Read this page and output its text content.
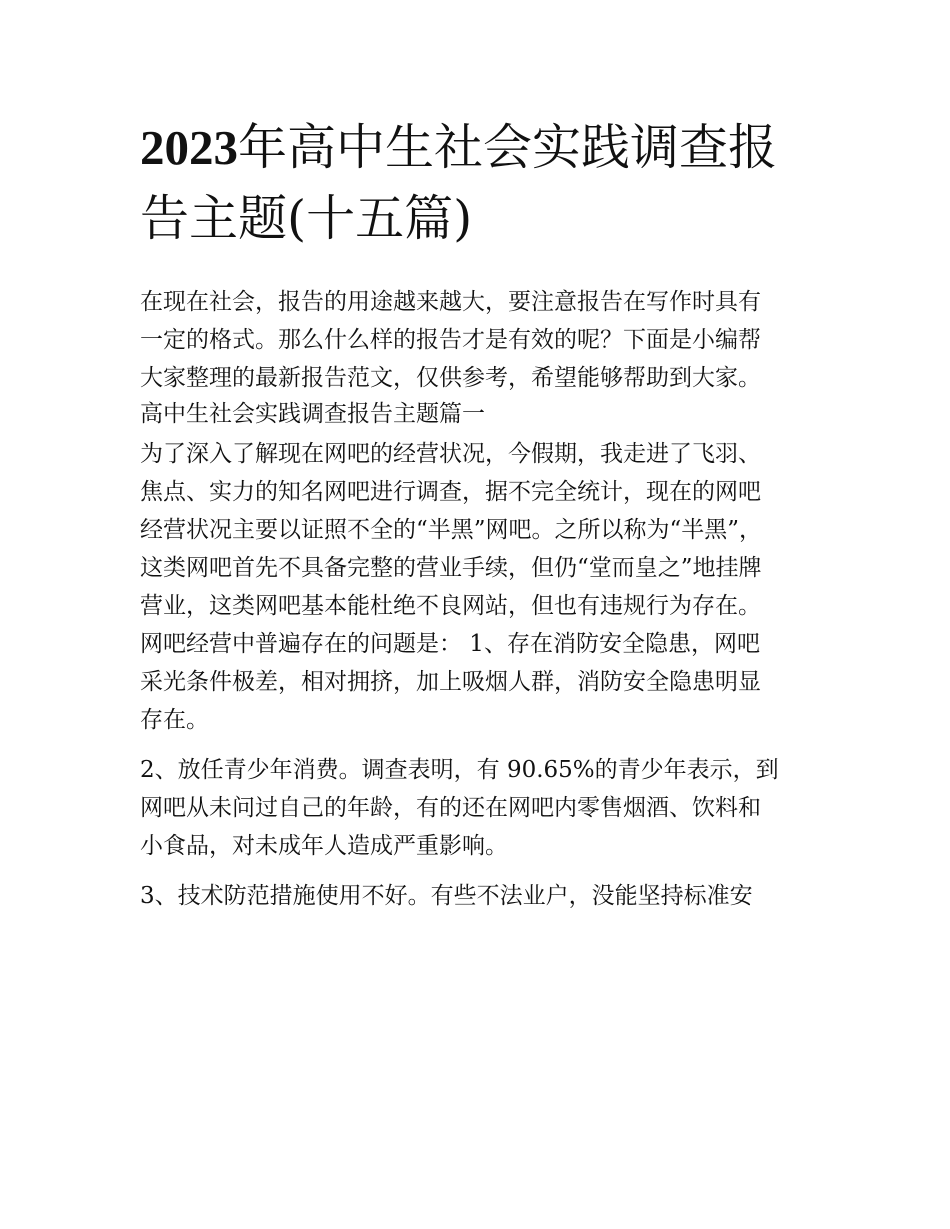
2023年高中生社会实践调查报
告主题(十五篇)

在现在社会，报告的用途越来越大，要注意报告在写作时具有
一定的格式。那么什么样的报告才是有效的呢？下面是小编帮
大家整理的最新报告范文，仅供参考，希望能够帮助到大家。

高中生社会实践调查报告主题篇一

为了深入了解现在网吧的经营状况，今假期，我走进了飞羽、
焦点、实力的知名网吧进行调查，据不完全统计，现在的网吧
经营状况主要以证照不全的“半黑”网吧。之所以称为“半黑”，
这类网吧首先不具备完整的营业手续，但仍“堂而皇之”地挂牌
营业，这类网吧基本能杜绝不良网站，但也有违规行为存在。
网吧经营中普遍存在的问题是： 1、存在消防安全隐患，网吧
采光条件极差，相对拥挤，加上吸烟人群，消防安全隐患明显
存在。

2、放任青少年消费。调查表明，有 90.65%的青少年表示，到
网吧从未问过自己的年龄，有的还在网吧内零售烟酒、饮料和
小食品，对未成年人造成严重影响。

3、技术防范措施使用不好。有些不法业户，没能坚持标准安
